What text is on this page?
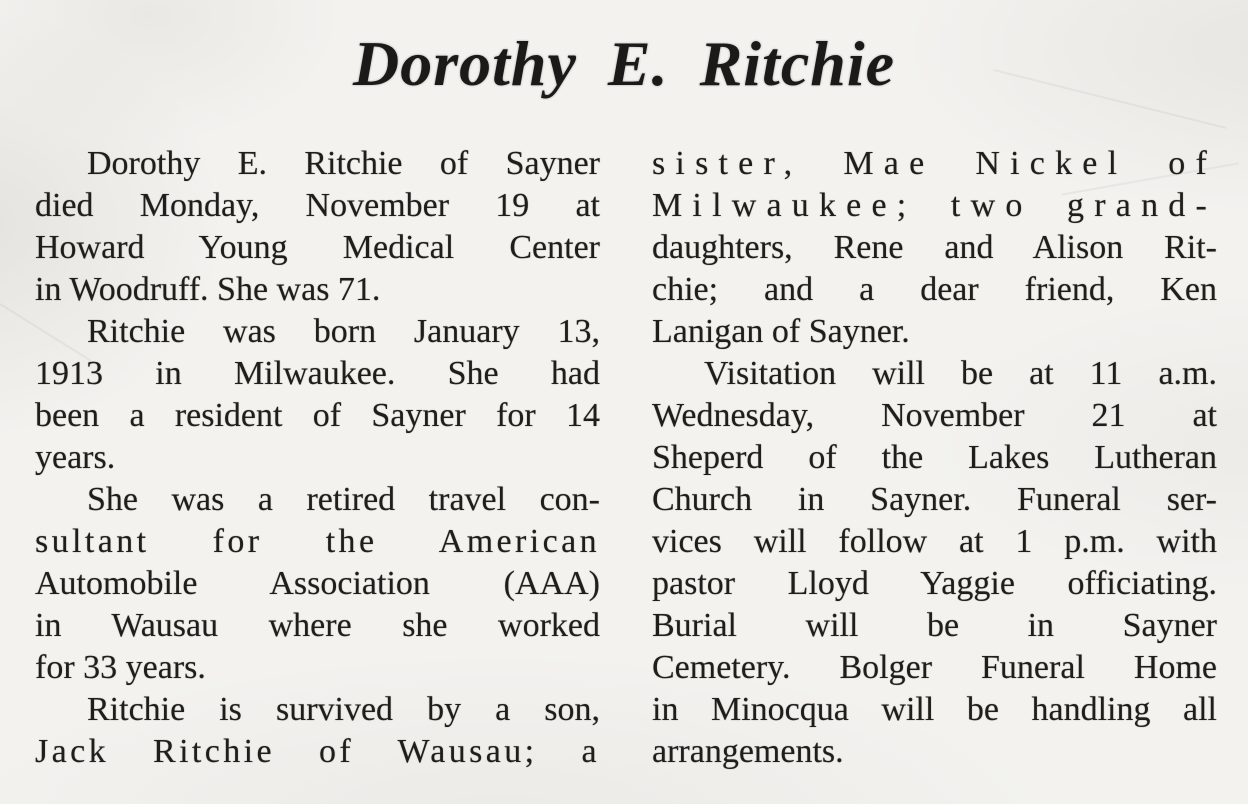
Dorothy E. Ritchie
Dorothy E. Ritchie of Sayner
died Monday, November 19 at
Howard Young Medical Center
in Woodruff. She was 71.
Ritchie was born January 13,
1913 in Milwaukee. She had
been a resident of Sayner for 14
years.
She was a retired travel con-
sultant for the American
Automobile Association (AAA)
in Wausau where she worked
for 33 years.
Ritchie is survived by a son,
Jack Ritchie of Wausau; a
sister, Mae Nickel of
Milwaukee; two grand-
daughters, Rene and Alison Rit-
chie; and a dear friend, Ken
Lanigan of Sayner.
Visitation will be at 11 a.m.
Wednesday, November 21 at
Sheperd of the Lakes Lutheran
Church in Sayner. Funeral ser-
vices will follow at 1 p.m. with
pastor Lloyd Yaggie officiating.
Burial will be in Sayner
Cemetery. Bolger Funeral Home
in Minocqua will be handling all
arrangements.
